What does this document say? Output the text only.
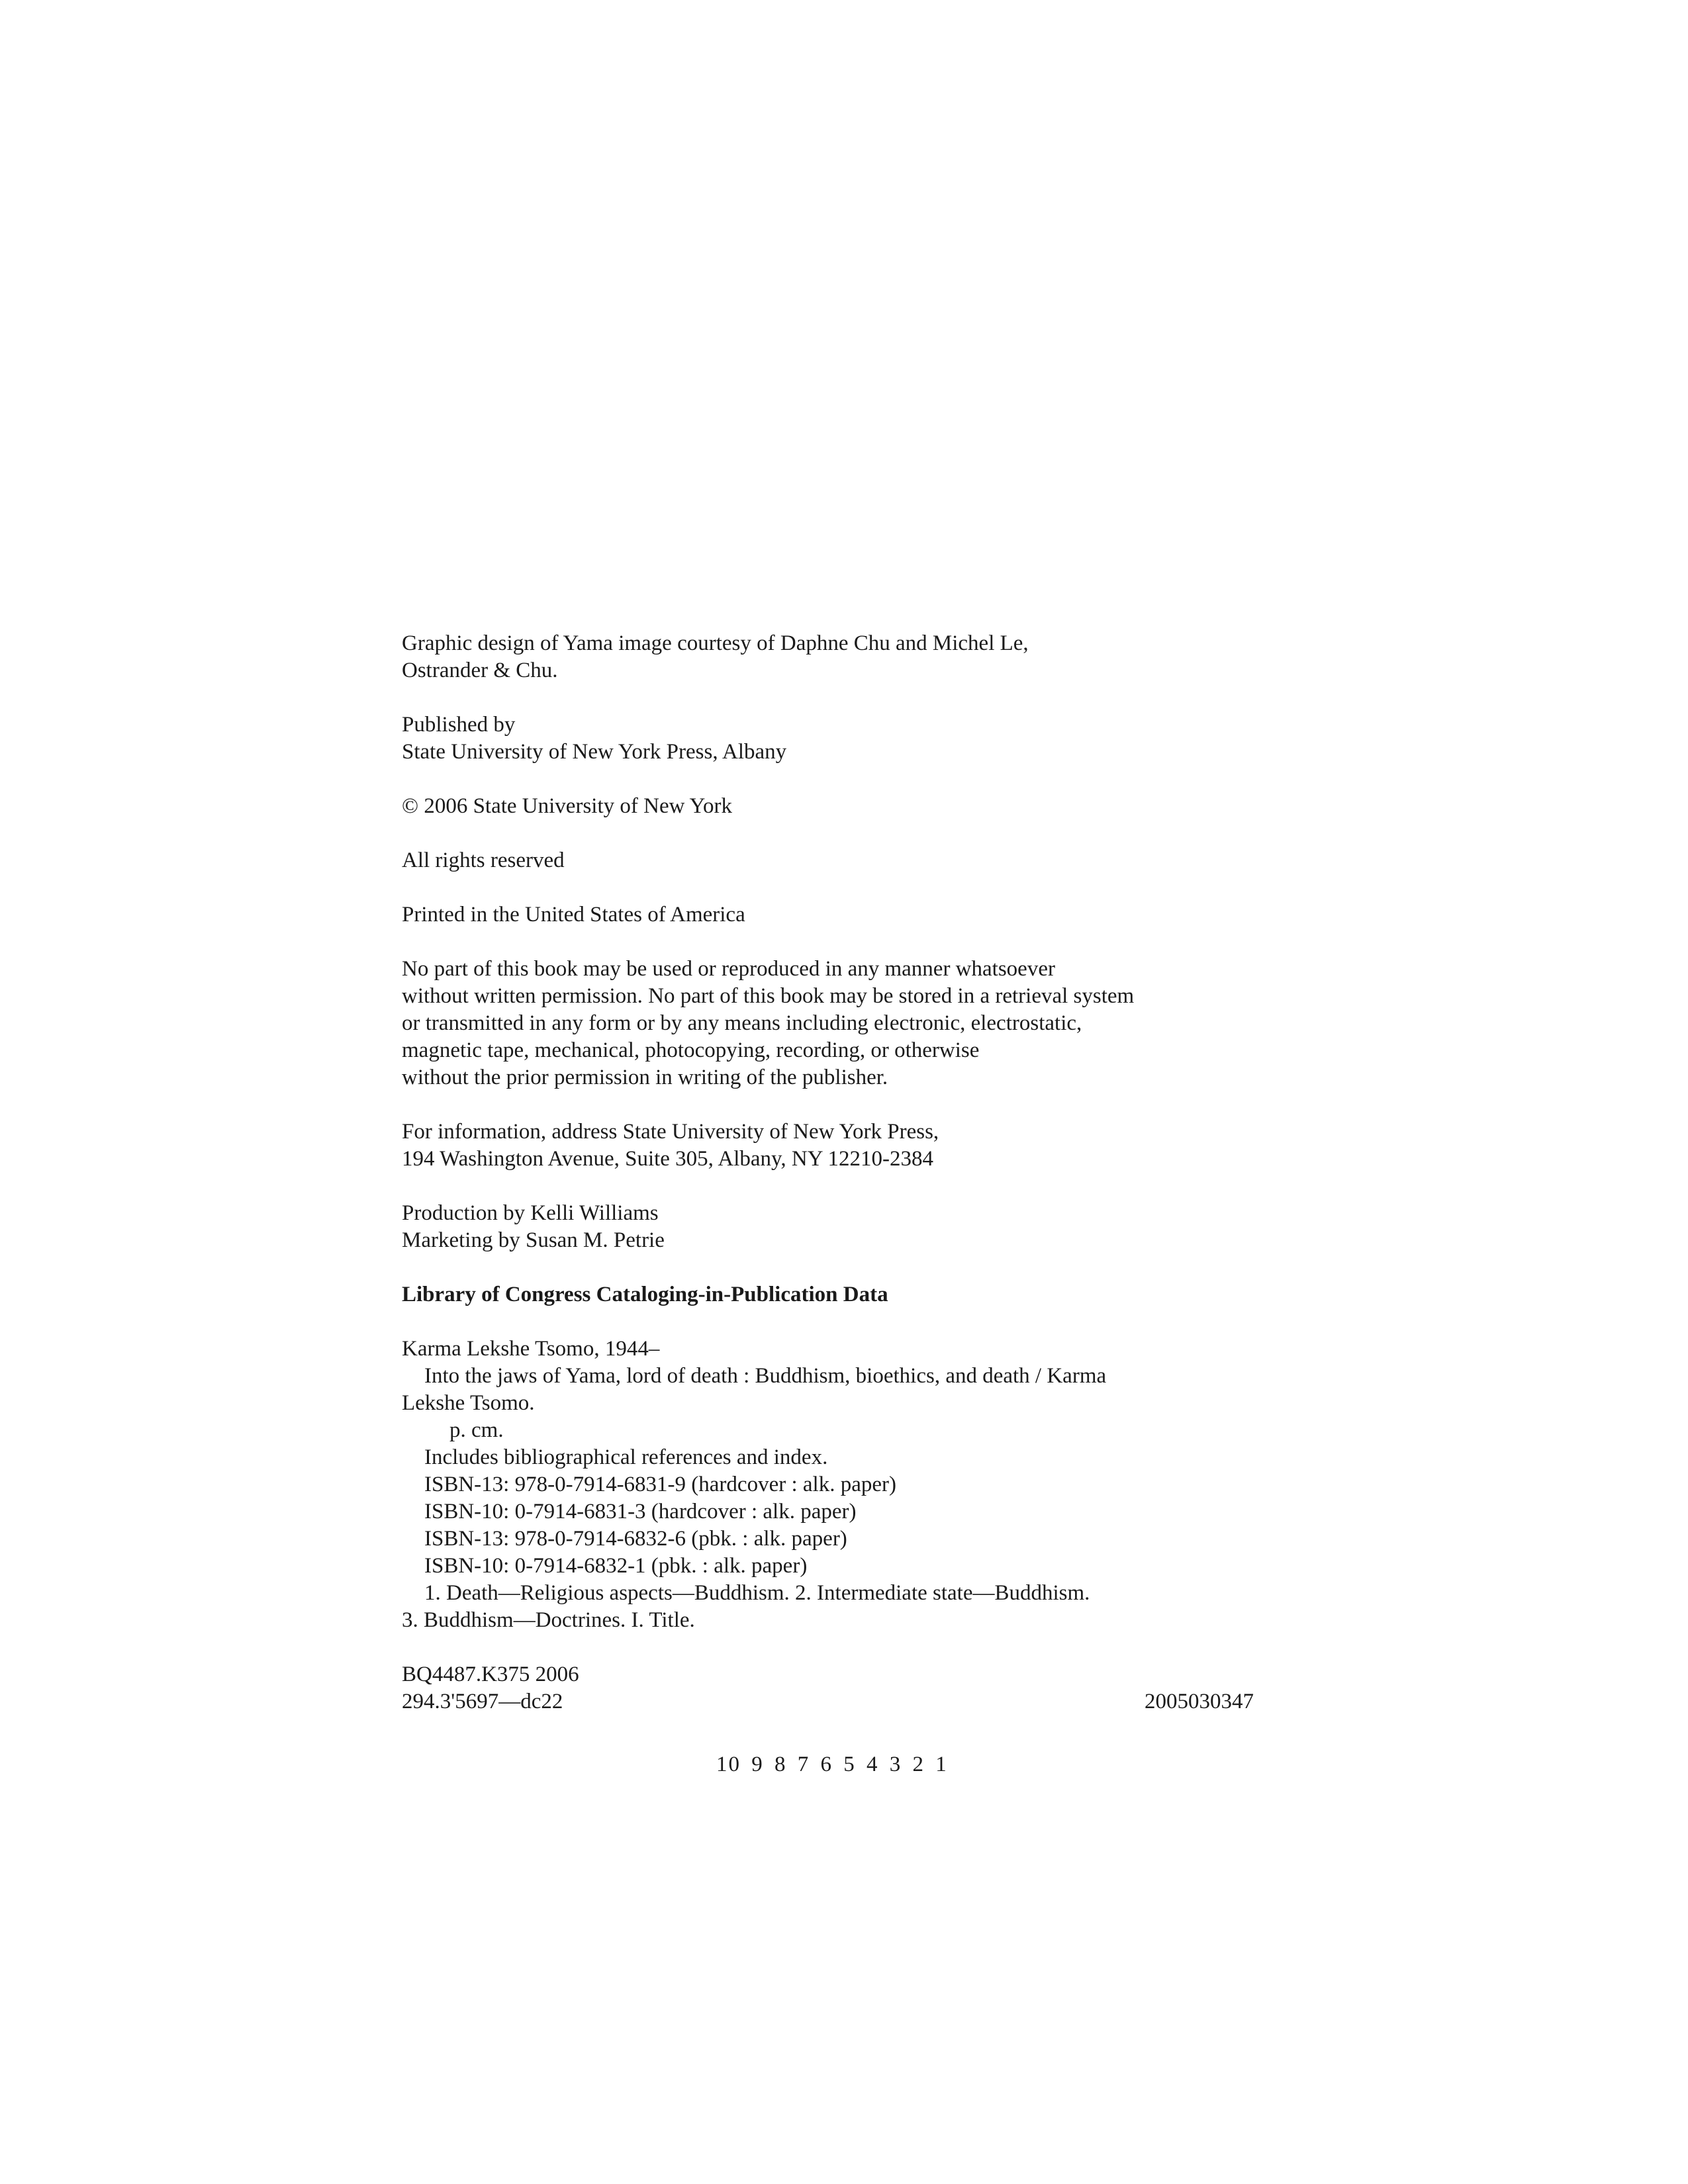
Graphic design of Yama image courtesy of Daphne Chu and Michel Le,
Ostrander & Chu.
Published by
State University of New York Press, Albany
© 2006 State University of New York
All rights reserved
Printed in the United States of America
No part of this book may be used or reproduced in any manner whatsoever
without written permission. No part of this book may be stored in a retrieval system
or transmitted in any form or by any means including electronic, electrostatic,
magnetic tape, mechanical, photocopying, recording, or otherwise
without the prior permission in writing of the publisher.
For information, address State University of New York Press,
194 Washington Avenue, Suite 305, Albany, NY 12210-2384
Production by Kelli Williams
Marketing by Susan M. Petrie
Library of Congress Cataloging-in-Publication Data
Karma Lekshe Tsomo, 1944–
Into the jaws of Yama, lord of death : Buddhism, bioethics, and death / Karma
Lekshe Tsomo.
p. cm.
Includes bibliographical references and index.
ISBN-13: 978-0-7914-6831-9 (hardcover : alk. paper)
ISBN-10: 0-7914-6831-3 (hardcover : alk. paper)
ISBN-13: 978-0-7914-6832-6 (pbk. : alk. paper)
ISBN-10: 0-7914-6832-1 (pbk. : alk. paper)
1. Death—Religious aspects—Buddhism. 2. Intermediate state—Buddhism.
3. Buddhism—Doctrines. I. Title.
BQ4487.K375 2006
294.3'5697—dc22	2005030347
10 9 8 7 6 5 4 3 2 1
